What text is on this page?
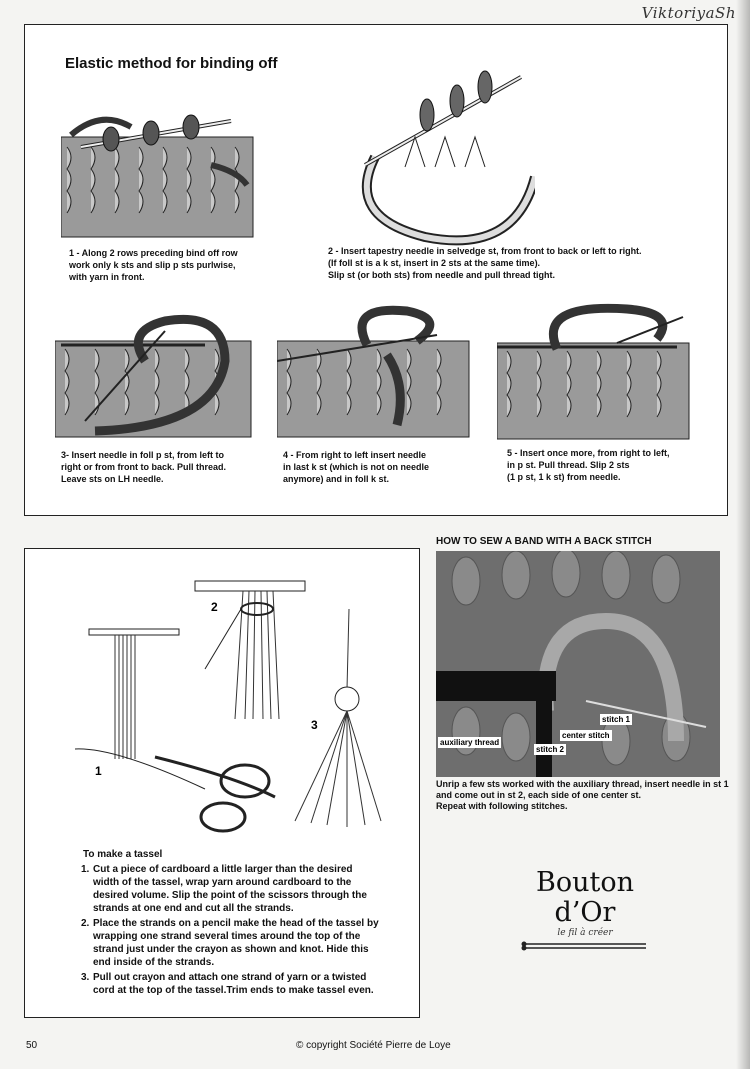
ViktoriyaSh
Elastic method for binding off
1 - Along 2 rows preceding bind off row
work only k sts and slip p sts purlwise,
with yarn in front.
2 - Insert tapestry needle in selvedge st, from front to back or left to right.
(If foll st is a k st, insert in 2 sts at the same time).
Slip st (or both sts) from needle and pull thread tight.
3- Insert needle in foll p st, from left to
right or from front to back. Pull thread.
Leave sts on LH needle.
4 - From right to left insert needle
in last k st (which is not on needle
anymore) and in foll k st.
5 - Insert once more, from right to left,
in p st. Pull thread. Slip 2 sts
(1 p st, 1 k st) from needle.
HOW TO SEW A BAND WITH A BACK STITCH
stitch 1
center stitch
auxiliary thread
stitch 2
Unrip a few sts worked with the auxiliary thread, insert needle in st 1 and come out in st 2, each side of one center st.
Repeat with following stitches.
1
2
3
To make a tassel
1. Cut a piece of cardboard a little larger than the desired width of the tassel, wrap yarn around cardboard to the desired volume. Slip the point of the scissors through the strands at one end and cut all the strands.
2. Place the strands on a pencil make the head of the tassel by wrapping one strand several times around the top of the strand just under the crayon as shown and knot. Hide this end inside of the strands.
3. Pull out crayon and attach one strand of yarn or a twisted cord at the top of the tassel.Trim ends to make tassel even.
Bouton
d’Or
le fil à créer
50	© copyright Société Pierre de Loye
